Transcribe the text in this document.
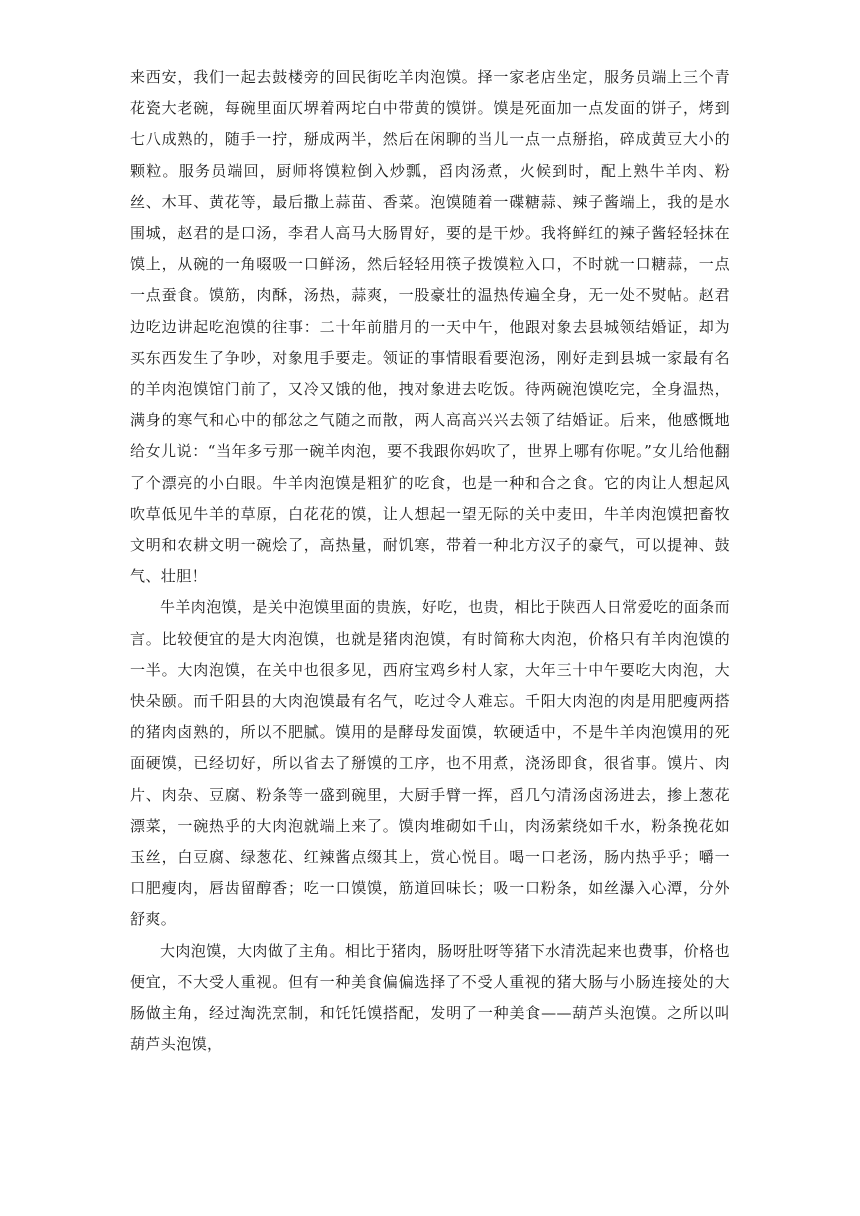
来西安，我们一起去鼓楼旁的回民街吃羊肉泡馍。择一家老店坐定，服务员端上三个青花瓷大老碗，每碗里面仄堺着两坨白中带黄的馍饼。馍是死面加一点发面的饼子，烤到七八成熟的，随手一拧，掰成两半，然后在闲聊的当儿一点一点掰掐，碎成黄豆大小的颗粒。服务员端回，厨师将馍粒倒入炒瓢，舀肉汤煮，火候到时，配上熟牛羊肉、粉丝、木耳、黄花等，最后撒上蒜苗、香菜。泡馍随着一碟糖蒜、辣子酱端上，我的是水围城，赵君的是口汤，李君人高马大肠胃好，要的是干炒。我将鲜红的辣子酱轻轻抹在馍上，从碗的一角啜吸一口鲜汤，然后轻轻用筷子拨馍粒入口，不时就一口糖蒜，一点一点蚕食。馍筋，肉酥，汤热，蒜爽，一股豪壮的温热传遍全身，无一处不熨帖。赵君边吃边讲起吃泡馍的往事：二十年前腊月的一天中午，他跟对象去县城领结婚证，却为买东西发生了争吵，对象甩手要走。领证的事情眼看要泡汤，刚好走到县城一家最有名的羊肉泡馍馆门前了，又冷又饿的他，拽对象进去吃饭。待两碗泡馍吃完，全身温热，满身的寒气和心中的郁忿之气随之而散，两人高高兴兴去领了结婚证。后来，他感慨地给女儿说：“当年多亏那一碗羊肉泡，要不我跟你妈吹了，世界上哪有你呢。”女儿给他翻了个漂亮的小白眼。牛羊肉泡馍是粗犷的吃食，也是一种和合之食。它的肉让人想起风吹草低见牛羊的草原，白花花的馍，让人想起一望无际的关中麦田，牛羊肉泡馍把畜牧文明和农耕文明一碗烩了，高热量，耐饥寒，带着一种北方汉子的豪气，可以提神、鼓气、壮胆！

牛羊肉泡馍，是关中泡馍里面的贵族，好吃，也贵，相比于陕西人日常爱吃的面条而言。比较便宜的是大肉泡馍，也就是猪肉泡馍，有时简称大肉泡，价格只有羊肉泡馍的一半。大肉泡馍，在关中也很多见，西府宝鸡乡村人家，大年三十中午要吃大肉泡，大快朵颐。而千阳县的大肉泡馍最有名气，吃过令人难忘。千阳大肉泡的肉是用肥瘦两搭的猪肉卤熟的，所以不肥腻。馍用的是酵母发面馍，软硬适中，不是牛羊肉泡馍用的死面硬馍，已经切好，所以省去了掰馍的工序，也不用煮，浇汤即食，很省事。馍片、肉片、肉杂、豆腐、粉条等一盛到碗里，大厨手臂一挥，舀几勺清汤卤汤进去，掺上葱花漂菜，一碗热乎的大肉泡就端上来了。馍肉堆砌如千山，肉汤萦绕如千水，粉条挽花如玉丝，白豆腐、绿葱花、红辣酱点缀其上，赏心悦目。喝一口老汤，肠内热乎乎；嚼一口肥瘦肉，唇齿留醇香；吃一口馍馍，筋道回味长；吸一口粉条，如丝瀑入心潭，分外舒爽。

大肉泡馍，大肉做了主角。相比于猪肉，肠呀肚呀等猪下水清洗起来也费事，价格也便宜，不大受人重视。但有一种美食偏偏选择了不受人重视的猪大肠与小肠连接处的大肠做主角，经过淘洗烹制，和饦饦馍搭配，发明了一种美食——葫芦头泡馍。之所以叫葫芦头泡馍，
